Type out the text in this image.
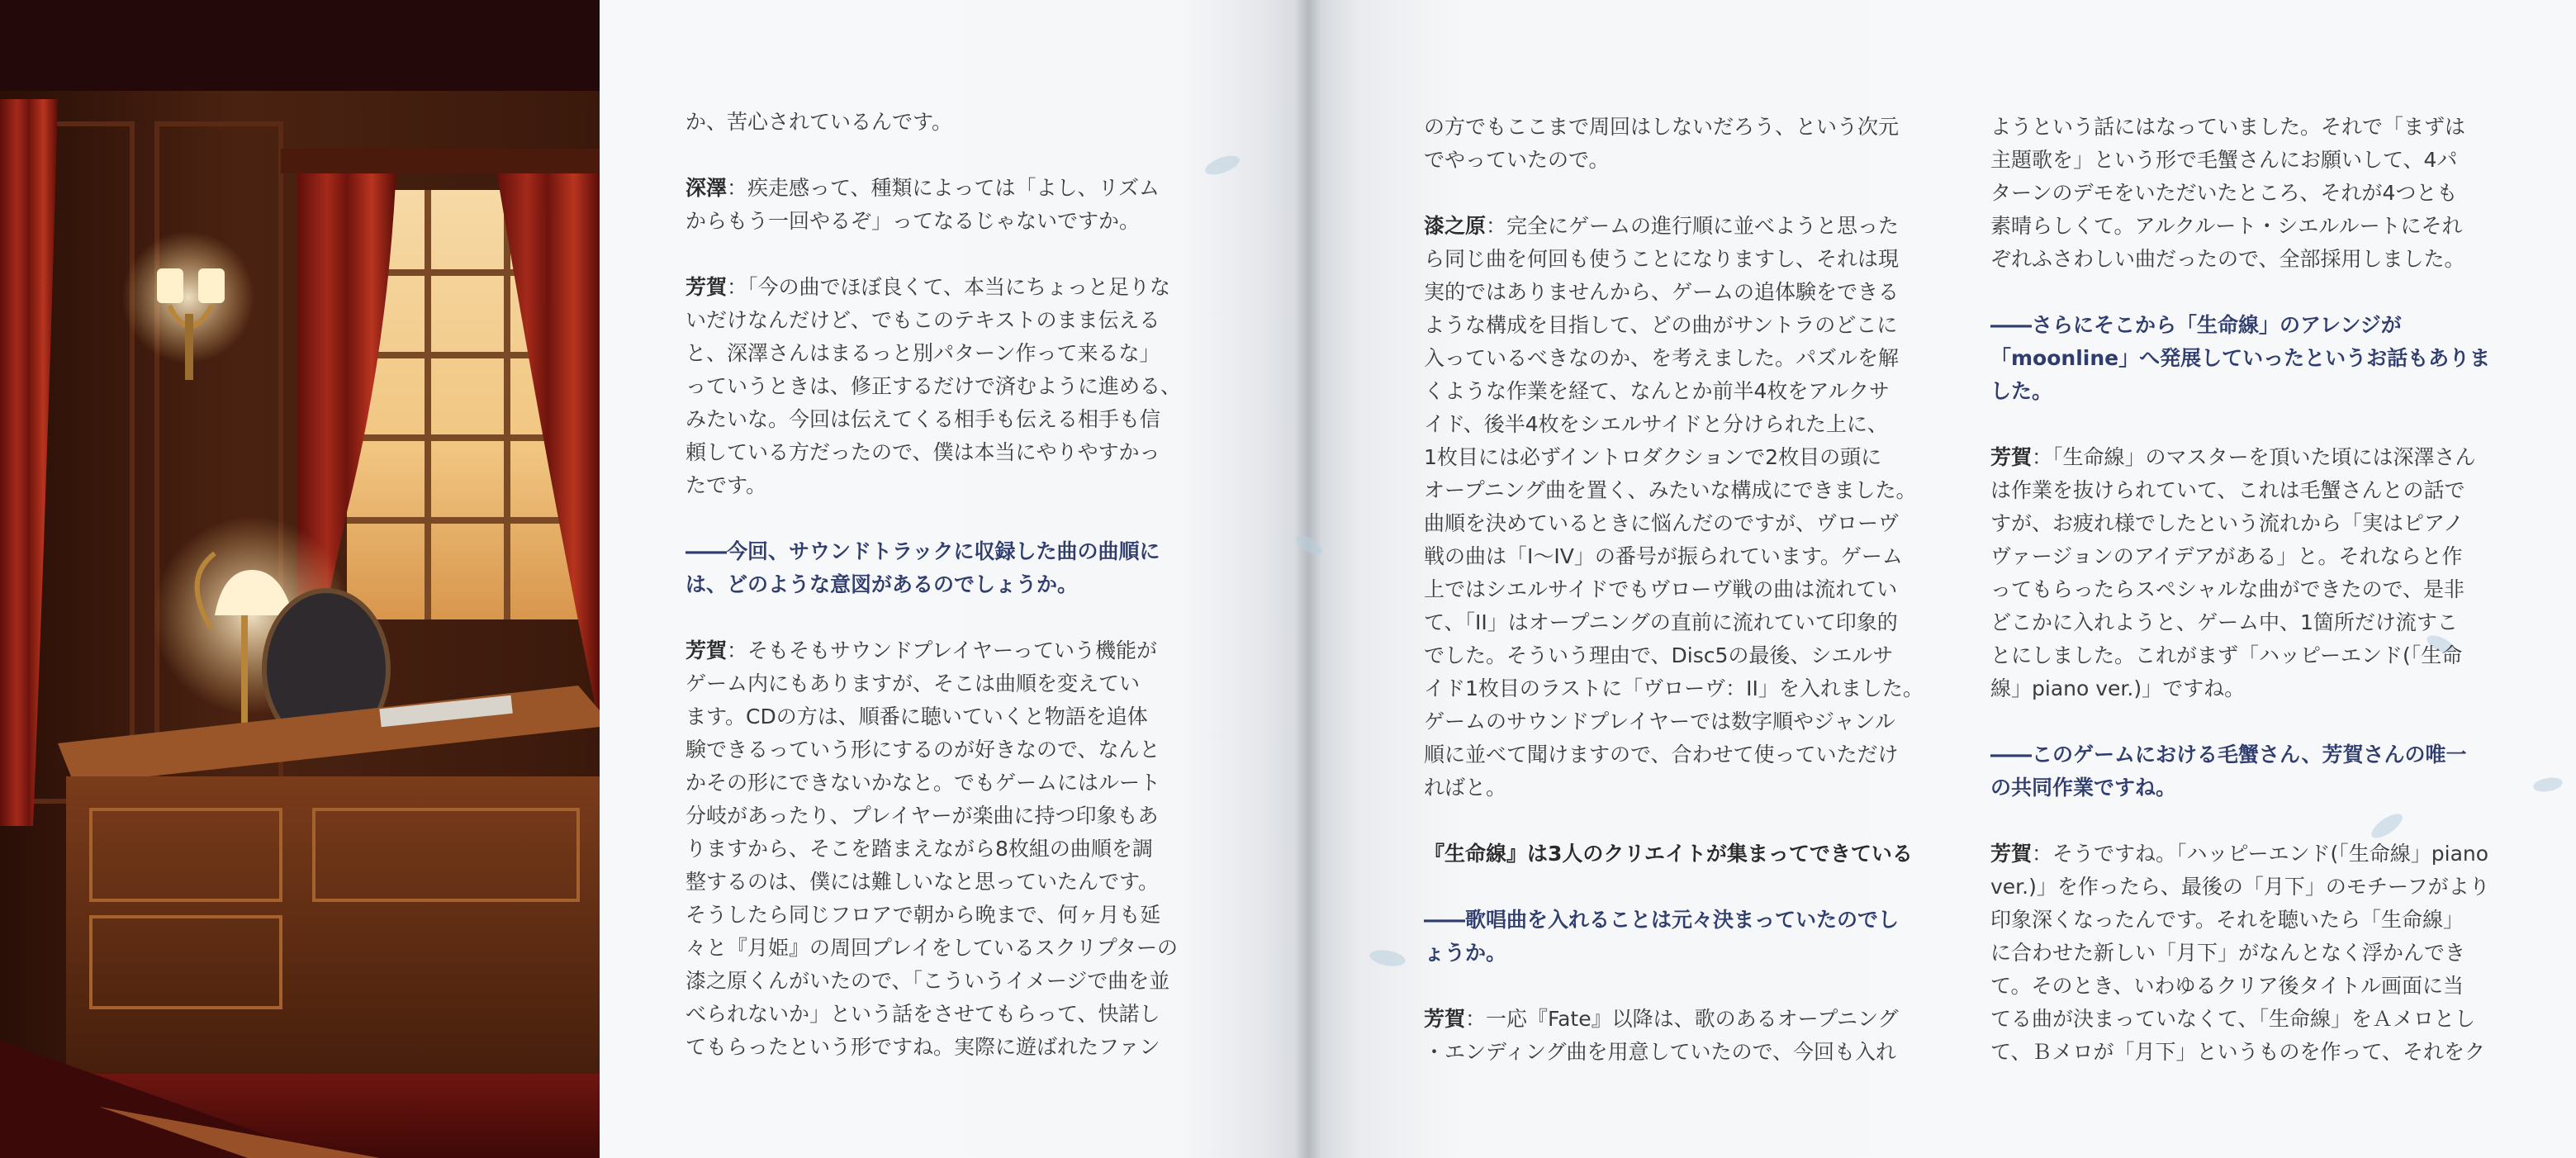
か、苦心されているんです。
深澤：疾走感って、種類によっては「よし、リズム
からもう一回やるぞ」ってなるじゃないですか。
芳賀：「今の曲でほぼ良くて、本当にちょっと足りな
いだけなんだけど、でもこのテキストのまま伝える
と、深澤さんはまるっと別パターン作って来るな」
っていうときは、修正するだけで済むように進める、
みたいな。今回は伝えてくる相手も伝える相手も信
頼している方だったので、僕は本当にやりやすかっ
たです。
――今回、サウンドトラックに収録した曲の曲順に
は、どのような意図があるのでしょうか。
芳賀：そもそもサウンドプレイヤーっていう機能が
ゲーム内にもありますが、そこは曲順を変えてい
ます。CDの方は、順番に聴いていくと物語を追体
験できるっていう形にするのが好きなので、なんと
かその形にできないかなと。でもゲームにはルート
分岐があったり、プレイヤーが楽曲に持つ印象もあ
りますから、そこを踏まえながら8枚組の曲順を調
整するのは、僕には難しいなと思っていたんです。
そうしたら同じフロアで朝から晩まで、何ヶ月も延
々と『月姫』の周回プレイをしているスクリプターの
漆之原くんがいたので、「こういうイメージで曲を並
べられないか」という話をさせてもらって、快諾し
てもらったという形ですね。実際に遊ばれたファン
の方でもここまで周回はしないだろう、という次元
でやっていたので。
漆之原：完全にゲームの進行順に並べようと思った
ら同じ曲を何回も使うことになりますし、それは現
実的ではありませんから、ゲームの追体験をできる
ような構成を目指して、どの曲がサントラのどこに
入っているべきなのか、を考えました。パズルを解
くような作業を経て、なんとか前半4枚をアルクサ
イド、後半4枚をシエルサイドと分けられた上に、
1枚目には必ずイントロダクションで2枚目の頭に
オープニング曲を置く、みたいな構成にできました。
曲順を決めているときに悩んだのですが、ヴローヴ
戦の曲は「I～IV」の番号が振られています。ゲーム
上ではシエルサイドでもヴローヴ戦の曲は流れてい
て、「II」はオープニングの直前に流れていて印象的
でした。そういう理由で、Disc5の最後、シエルサ
イド1枚目のラストに「ヴローヴ：II」を入れました。
ゲームのサウンドプレイヤーでは数字順やジャンル
順に並べて聞けますので、合わせて使っていただけ
ればと。
『生命線』は3人のクリエイトが集まってできている
――歌唱曲を入れることは元々決まっていたのでし
ょうか。
芳賀：一応『Fate』以降は、歌のあるオープニング
・エンディング曲を用意していたので、今回も入れ
ようという話にはなっていました。それで「まずは
主題歌を」という形で毛蟹さんにお願いして、4パ
ターンのデモをいただいたところ、それが4つとも
素晴らしくて。アルクルート・シエルルートにそれ
ぞれふさわしい曲だったので、全部採用しました。
――さらにそこから「生命線」のアレンジが
「moonline」へ発展していったというお話もありま
した。
芳賀：「生命線」のマスターを頂いた頃には深澤さん
は作業を抜けられていて、これは毛蟹さんとの話で
すが、お疲れ様でしたという流れから「実はピアノ
ヴァージョンのアイデアがある」と。それならと作
ってもらったらスペシャルな曲ができたので、是非
どこかに入れようと、ゲーム中、1箇所だけ流すこ
とにしました。これがまず「ハッピーエンド(「生命
線」piano ver.)」ですね。
――このゲームにおける毛蟹さん、芳賀さんの唯一
の共同作業ですね。
芳賀：そうですね。「ハッピーエンド(「生命線」piano
ver.)」を作ったら、最後の「月下」のモチーフがより
印象深くなったんです。それを聴いたら「生命線」
に合わせた新しい「月下」がなんとなく浮かんでき
て。そのとき、いわゆるクリア後タイトル画面に当
てる曲が決まっていなくて、「生命線」をＡメロとし
て、Ｂメロが「月下」というものを作って、それをク
